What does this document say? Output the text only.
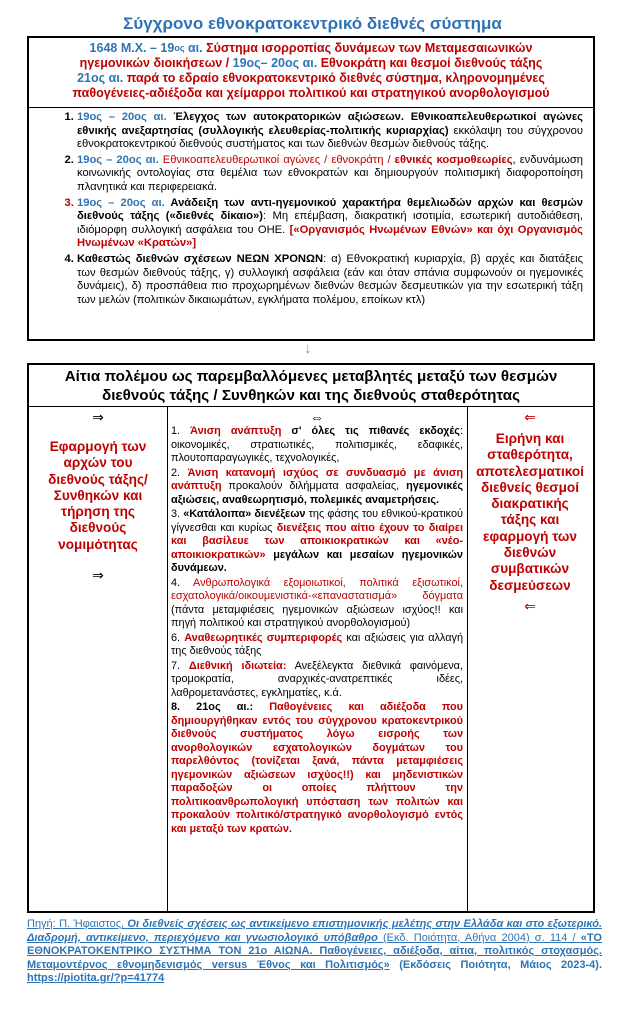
Σύγχρονο εθνοκρατοκεντρικό διεθνές σύστημα
1648 Μ.Χ. – $19^{o\varsigma}$ αι. Σύστημα ισορροπίας δυνάμεων των Μεταμεσαιωνικών
ηγεμονικών διοικήσεων / 19ος– 20ος αι. Εθνοκράτη και θεσμοί διεθνούς τάξης
21ος αι. παρά το εδραίο εθνοκρατοκεντρικό διεθνές σύστημα, κληρονομημένες
παθογένειες-αδιέξοδα και χείμαρροι πολιτικού και στρατηγικού ανορθολογισμού
1. 19ος – 20ος αι. Έλεγχος των αυτοκρατορικών αξιώσεων. Εθνικοαπελευθερωτικοί αγώνες εθνικής ανεξαρτησίας (συλλογικής ελευθερίας-πολιτικής κυριαρχίας) εκκόλαψη του σύγχρονου εθνοκρατοκεντρικού διεθνούς συστήματος και των διεθνών θεσμών διεθνούς τάξης.
2. 19ος – 20ος αι. Εθνικοαπελευθερωτικοί αγώνες / εθνοκράτη / εθνικές κοσμοθεωρίες, ενδυνάμωση κοινωνικής οντολογίας στα θεμέλια των εθνοκρατών και δημιουργούν πολιτισμική διαφοροποίηση πλανητικά και περιφερειακά.
3. 19ος – 20ος αι. Ανάδειξη των αντι-ηγεμονικού χαρακτήρα θεμελιωδών αρχών και θεσμών διεθνούς τάξης («διεθνές δίκαιο»): Μη επέμβαση, διακρατική ισοτιμία, εσωτερική αυτοδιάθεση, ιδιόμορφη συλλογική ασφάλεια του ΟΗΕ. [«Οργανισμός Ηνωμένων Εθνών» και όχι Οργανισμός Ηνωμένων «Κρατών»]
4. Καθεστώς διεθνών σχέσεων ΝΕΩΝ ΧΡΟΝΩΝ: α) Εθνοκρατική κυριαρχία, β) αρχές και διατάξεις των θεσμών διεθνούς τάξης, γ) συλλογική ασφάλεια (εάν και όταν σπάνια συμφωνούν οι ηγεμονικές δυνάμεις), δ) προσπάθεια πιο προχωρημένων διεθνών θεσμών δεσμευτικών για την εσωτερική τάξη των μελών (πολιτικών δικαιωμάτων, εγκλήματα πολέμου, εποίκων κτλ)
↓
Αίτια πολέμου ως παρεμβαλλόμενες μεταβλητές μεταξύ των θεσμών
διεθνούς τάξης / Συνθηκών και της διεθνούς σταθερότητας
⇒
Εφαρμογή των αρχών του διεθνούς τάξης/Συνθηκών και τήρηση της διεθνούς νομιμότητας
⇒
⇔

1. Άνιση ανάπτυξη σ' όλες τις πιθανές εκδοχές: οικονομικές, στρατιωτικές, πολιτισμικές, εδαφικές, πλουτοπαραγωγικές, τεχνολογικές,

2. Άνιση κατανομή ισχύος σε συνδυασμό με άνιση ανάπτυξη προκαλούν διλήμματα ασφαλείας, ηγεμονικές αξιώσεις, αναθεωρητισμό, πολεμικές αναμετρήσεις.

3. «Κατάλοιπα» διενέξεων της φάσης του εθνικού-κρατικού γίγνεσθαι και κυρίως διενέξεις που αίτιο έχουν το διαίρει και βασίλευε των αποικιοκρατικών και «νέο-αποικιοκρατικών» μεγάλων και μεσαίων ηγεμονικών δυνάμεων.

4. Ανθρωπολογικά εξομοιωτικοί, πολιτικά εξισωτικοί, εσχατολογικά/οικουμενιστικά-«επαναστατισμά» δόγματα (πάντα μεταμφιέσεις ηγεμονικών αξιώσεων ισχύος!! και πηγή πολιτικού και στρατηγικού ανορθολογισμού)

6. Αναθεωρητικές συμπεριφορές και αξιώσεις για αλλαγή της διεθνούς τάξης

7. Διεθνική ιδιωτεία: Ανεξέλεγκτα διεθνικά φαινόμενα, τρομοκρατία, αναρχικές-ανατρεπτικές ιδέες, λαθρομετανάστες, εγκληματίες, κ.ά.

8. 21ος αι.: Παθογένειες και αδιέξοδα που δημιουργήθηκαν εντός του σύγχρονου κρατοκεντρικού διεθνούς συστήματος λόγω εισροής των ανορθολογικών εσχατολογικών δογμάτων του παρελθόντος (τονίζεται ξανά, πάντα μεταμφιέσεις ηγεμονικών αξιώσεων ισχύος!!) και μηδενιστικών παραδοξών οι οποίες πλήττουν την πολιτικοανθρωπολογική υπόσταση των πολιτών και προκαλούν πολιτικό/στρατηγικό ανορθολογισμό εντός και μεταξύ των κρατών.

⇐
Ειρήνη και σταθερότητα, αποτελεσματικοί διεθνείς θεσμοί διακρατικής τάξης και εφαρμογή των διεθνών συμβατικών δεσμεύσεων
⇐
Πηγή: Π. Ήφαιστος, Οι διεθνείς σχέσεις ως αντικείμενο επιστημονικής μελέτης στην Ελλάδα και στο εξωτερικό. Διαδρομή, αντικείμενο, περιεχόμενο και γνωσιολογικό υπόβαθρο (Εκδ. Ποιότητα, Αθήνα 2004) σ. 114 / «ΤΟ ΕΘΝΟΚΡΑΤΟΚΕΝΤΡΙΚΟ ΣΥΣΤΗΜΑ ΤΟΝ 21ο ΑΙΩΝΑ. Παθογένειες, αδιέξοδα, αίτια, πολιτικός στοχασμός. Μεταμοντέρνος εθνομηδενισμός versus Έθνος και Πολιτισμός» (Εκδόσεις Ποιότητα, Μάιος 2023-4). https://piotita.gr/?p=41774
